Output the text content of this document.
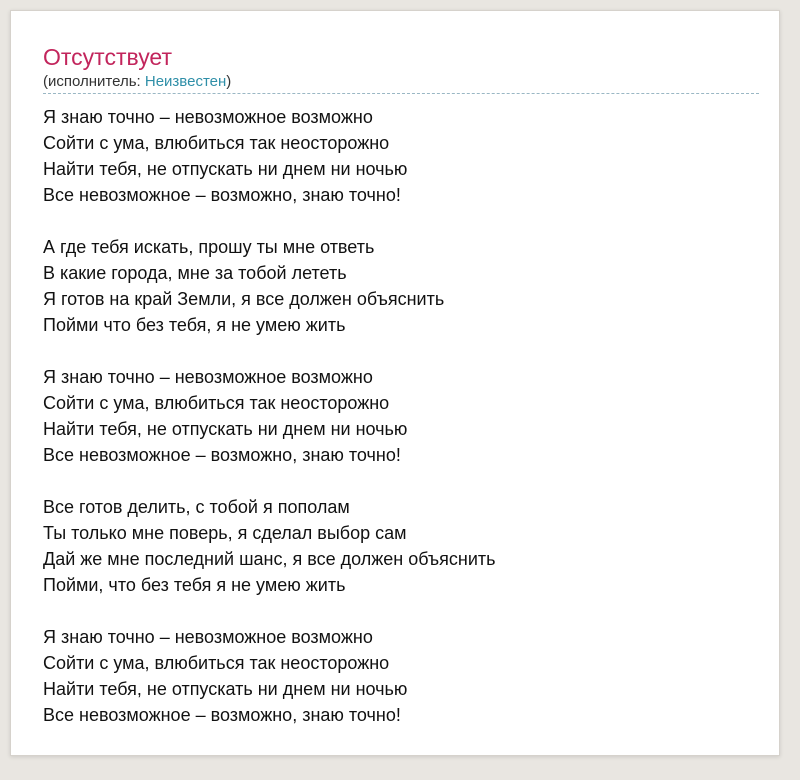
Отсутствует
(исполнитель: Неизвестен)
Я знаю точно – невозможное возможно
Сойти с ума, влюбиться так неосторожно
Найти тебя, не отпускать ни днем ни ночью
Все невозможное – возможно, знаю точно!
А где тебя искать, прошу ты мне ответь
В какие города, мне за тобой лететь
Я готов на край Земли, я все должен объяснить
Пойми что без тебя, я не умею жить
Я знаю точно – невозможное возможно
Сойти с ума, влюбиться так неосторожно
Найти тебя, не отпускать ни днем ни ночью
Все невозможное – возможно, знаю точно!
Все готов делить, с тобой я пополам
Ты только мне поверь, я сделал выбор сам
Дай же мне последний шанс, я все должен объяснить
Пойми, что без тебя я не умею жить
Я знаю точно – невозможное возможно
Сойти с ума, влюбиться так неосторожно
Найти тебя, не отпускать ни днем ни ночью
Все невозможное – возможно, знаю точно!
